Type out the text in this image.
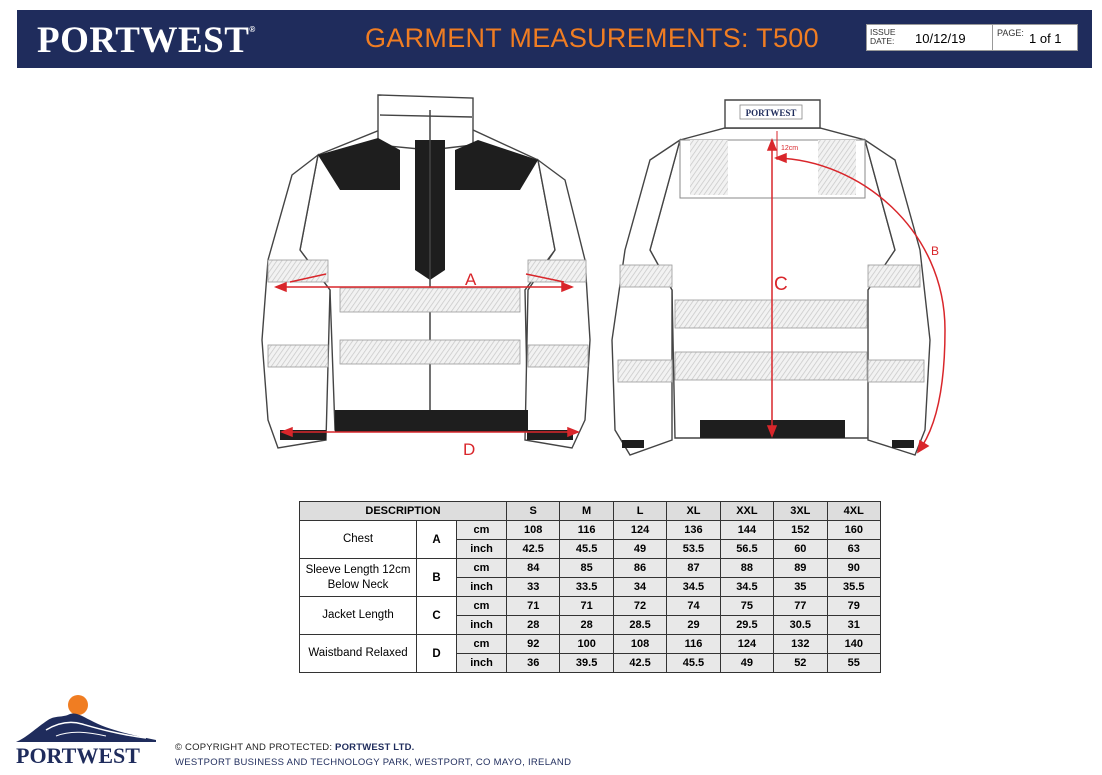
PORTWEST®	GARMENT MEASUREMENTS: T500	ISSUE DATE:	10/12/19	PAGE: 1 of 1
A
D
PORTWEST
C
12cm
B
DESCRIPTION			S	M	L	XL	XXL	3XL	4XL
Chest	A	cm	108	116	124	136	144	152	160
		inch	42.5	45.5	49	53.5	56.5	60	63
Sleeve Length 12cm Below Neck	B	cm	84	85	86	87	88	89	90
		inch	33	33.5	34	34.5	34.5	35	35.5
Jacket Length	C	cm	71	71	72	74	75	77	79
		inch	28	28	28.5	29	29.5	30.5	31
Waistband Relaxed	D	cm	92	100	108	116	124	132	140
		inch	36	39.5	42.5	45.5	49	52	55
PORTWEST	© COPYRIGHT AND PROTECTED: PORTWEST LTD.
WESTPORT BUSINESS AND TECHNOLOGY PARK, WESTPORT, CO MAYO, IRELAND
